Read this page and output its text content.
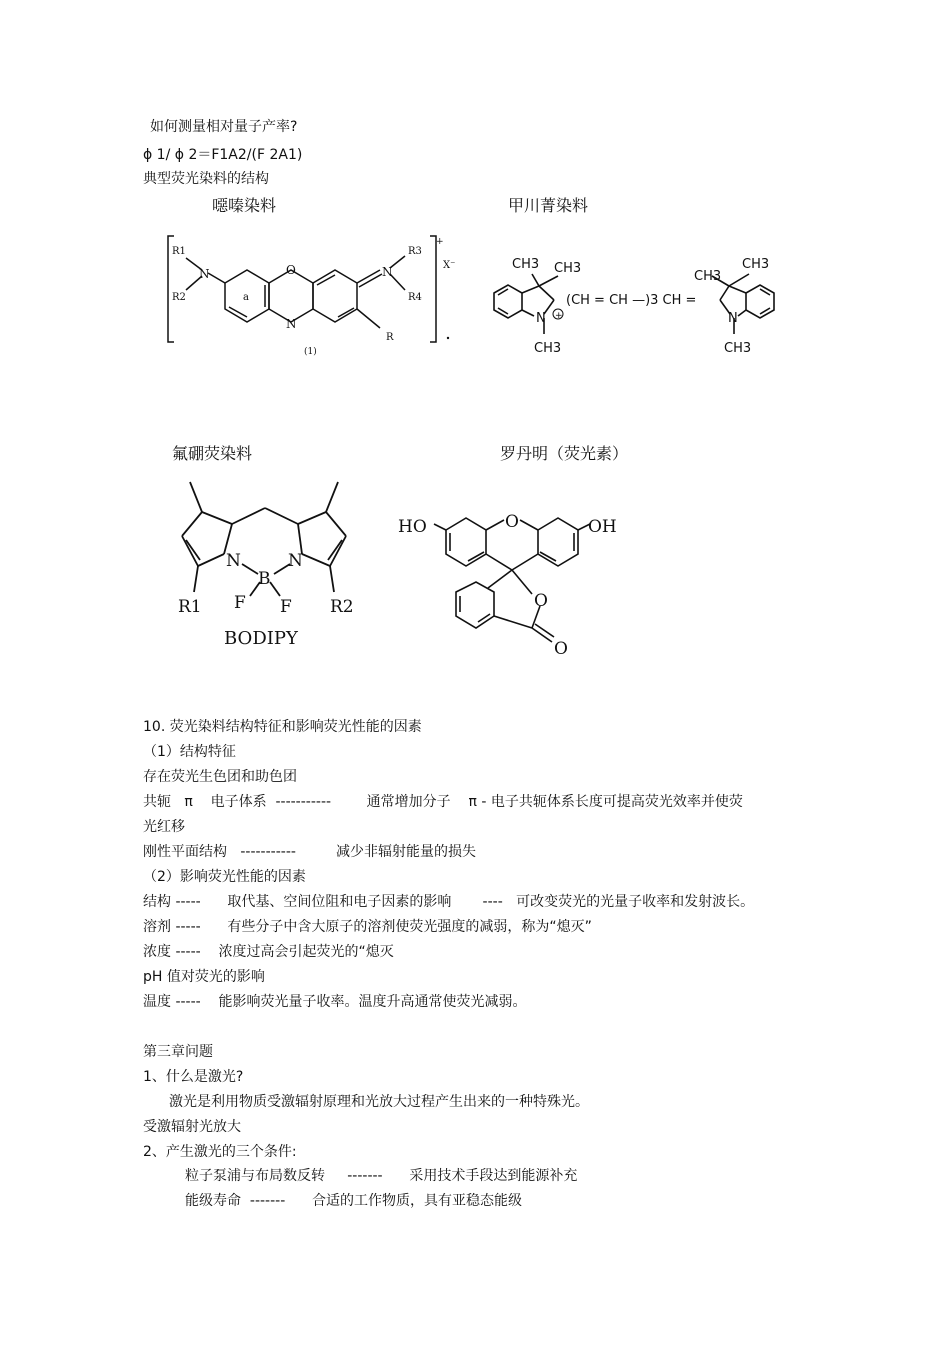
如何测量相对量子产率?
ϕ 1/ ϕ 2＝F1A2/(F 2A1)
典型荧光染料的结构
噁嗪染料	甲川菁染料
氟硼荧染料	罗丹明（荧光素）
R1
R2
N	O
N
a
N
R3
R4
R
X⁻
+
(1)
+
CH3 CH3
N
CH3
(CH = CH —)3 CH =
CH3
CH3
N
CH3
N	N
B
F F
R1	R2
BODIPY
HO	OH
O
O
O
10. 荧光染料结构特征和影响荧光性能的因素
（1）结构特征
存在荧光生色团和助色团
共轭   π    电子体系  -----------        通常增加分子    π - 电子共轭体系长度可提高荧光效率并使荧
光红移
刚性平面结构   -----------         减少非辐射能量的损失
（2）影响荧光性能的因素
结构 -----      取代基、空间位阻和电子因素的影响       ----   可改变荧光的光量子收率和发射波长。
溶剂 -----      有些分子中含大原子的溶剂使荧光强度的减弱，称为“熄灭”
浓度 -----    浓度过高会引起荧光的“熄灭
pH 值对荧光的影响
温度 -----    能影响荧光量子收率。温度升高通常使荧光减弱。
第三章问题
1、什么是激光?
激光是利用物质受激辐射原理和光放大过程产生出来的一种特殊光。
受激辐射光放大
2、产生激光的三个条件:
粒子泵浦与布局数反转     -------      采用技术手段达到能源补充
能级寿命  -------      合适的工作物质，具有亚稳态能级
